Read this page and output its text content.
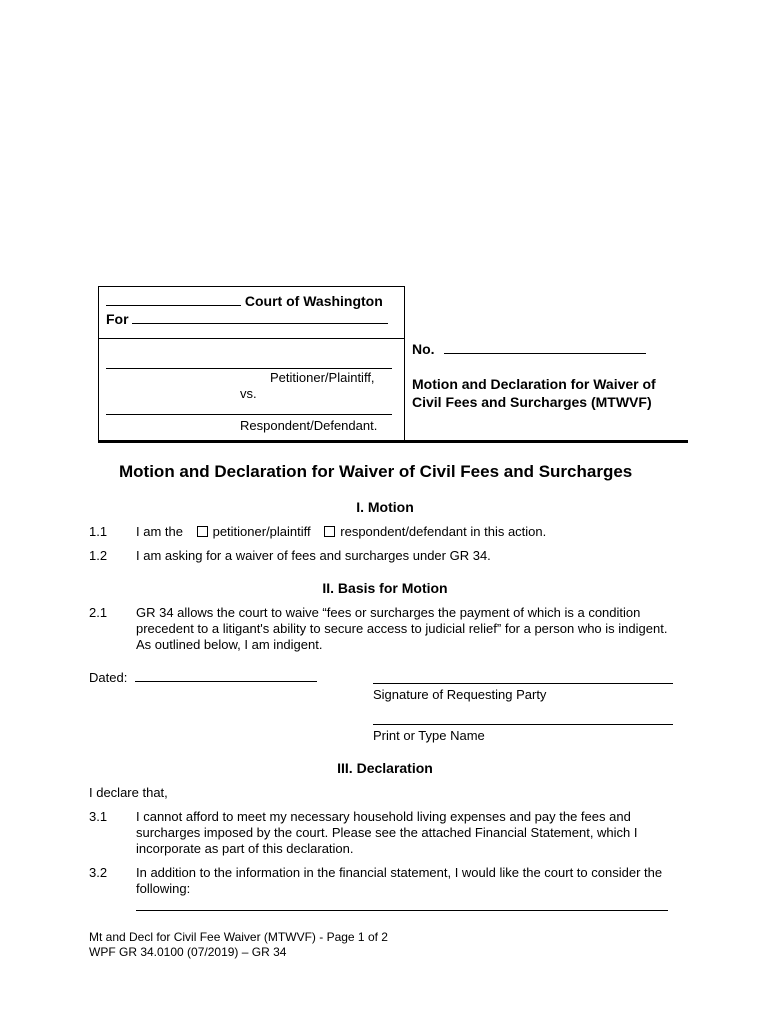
Court of Washington
For
Petitioner/Plaintiff,
vs.
Respondent/Defendant.
No.
Motion and Declaration for Waiver of Civil Fees and Surcharges (MTWVF)
Motion and Declaration for Waiver of Civil Fees and Surcharges
I. Motion
1.1 I am the petitioner/plaintiff respondent/defendant in this action.
1.2 I am asking for a waiver of fees and surcharges under GR 34.
II. Basis for Motion
2.1 GR 34 allows the court to waive “fees or surcharges the payment of which is a condition precedent to a litigant's ability to secure access to judicial relief” for a person who is indigent. As outlined below, I am indigent.
Dated:
Signature of Requesting Party
Print or Type Name
III. Declaration
I declare that,
3.1 I cannot afford to meet my necessary household living expenses and pay the fees and surcharges imposed by the court. Please see the attached Financial Statement, which I incorporate as part of this declaration.
3.2 In addition to the information in the financial statement, I would like the court to consider the following:
Mt and Decl for Civil Fee Waiver (MTWVF) - Page 1 of 2
WPF GR 34.0100 (07/2019) – GR 34
